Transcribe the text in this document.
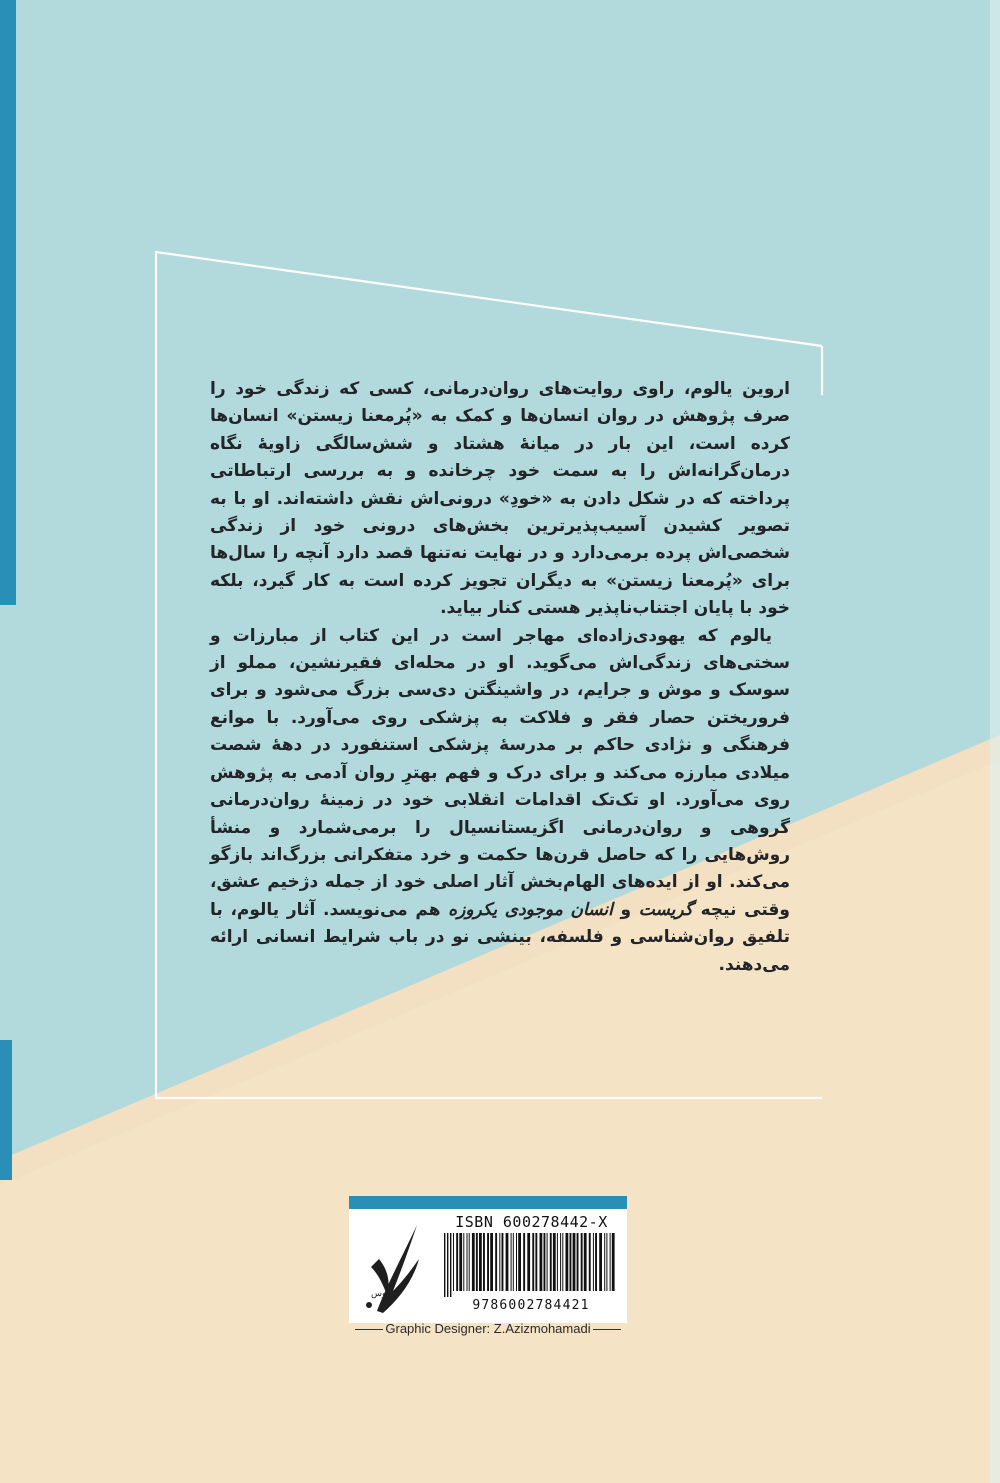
اروین یالوم، راوی روایت‌های روان‌درمانی، کسی که زندگی خود را صرف پژوهش در روان انسان‌ها و کمک به «پُرمعنا زیستن» انسان‌ها کرده است، این بار در میانهٔ هشتاد و شش‌سالگی زاویهٔ نگاه درمان‌گرانه‌اش را به سمت خود چرخانده و به بررسی ارتباطاتی پرداخته که در شکل دادن به «خودِ» درونی‌اش نقش داشته‌اند. او با به تصویر کشیدن آسیب‌پذیرترین بخش‌های درونی خود از زندگی شخصی‌اش پرده برمی‌دارد و در نهایت نه‌تنها قصد دارد آنچه را سال‌ها برای «پُرمعنا زیستن» به دیگران تجویز کرده است به کار گیرد، بلکه خود با پایان اجتناب‌ناپذیر هستی کنار بیاید.

یالوم که یهودی‌زاده‌ای مهاجر است در این کتاب از مبارزات و سختی‌های زندگی‌اش می‌گوید. او در محله‌ای فقیرنشین، مملو از سوسک و موش و جرایم، در واشینگتن دی‌سی بزرگ می‌شود و برای فروریختن حصار فقر و فلاکت به پزشکی روی می‌آورد. با موانع فرهنگی و نژادی حاکم بر مدرسهٔ پزشکی استنفورد در دههٔ شصت میلادی مبارزه می‌کند و برای درک و فهم بهترِ روان آدمی به پژوهش روی می‌آورد. او تک‌تک اقدامات انقلابی خود در زمینهٔ روان‌درمانی گروهی و روان‌درمانی اگزیستانسیال را برمی‌شمارد و منشأ روش‌هایی را که حاصل قرن‌ها حکمت و خرد متفکرانی بزرگ‌اند بازگو می‌کند. او از ایده‌های الهام‌بخش آثار اصلی خود از جمله دژخیم عشق، وقتی نیچه گریست و انسان موجودی یکروزه هم می‌نویسد. آثار یالوم، با تلفیق روان‌شناسی و فلسفه، بینشی نو در باب شرایط انسانی ارائه می‌دهند.

ققنوس
ISBN 600278442-X
9786002784421
Graphic Designer: Z.Azizmohamadi
